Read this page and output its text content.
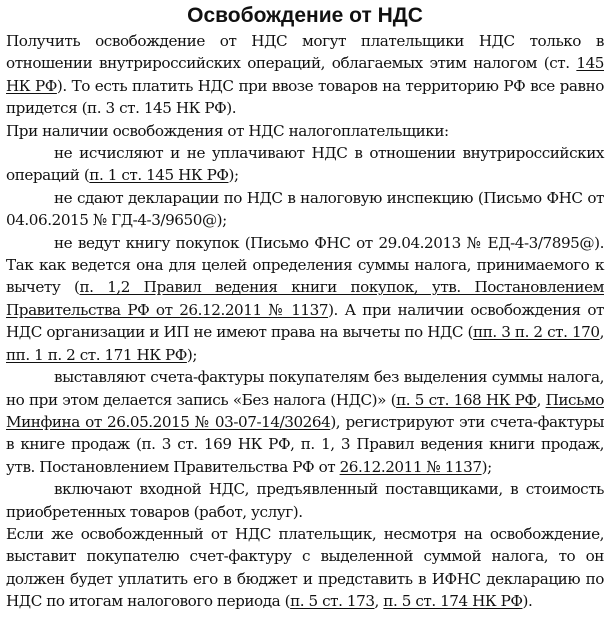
Освобождение от НДС

Получить освобождение от НДС могут плательщики НДС только в отношении внутрироссийских операций, облагаемых этим налогом (ст. 145 НК РФ). То есть платить НДС при ввозе товаров на территорию РФ все равно придется (п. 3 ст. 145 НК РФ).

При наличии освобождения от НДС налогоплательщики:

не исчисляют и не уплачивают НДС в отношении внутрироссийских операций (п. 1 ст. 145 НК РФ);

не сдают декларации по НДС в налоговую инспекцию (Письмо ФНС от 04.06.2015 № ГД-4-3/9650@);

не ведут книгу покупок (Письмо ФНС от 29.04.2013 № ЕД-4-3/7895@). Так как ведется она для целей определения суммы налога, принимаемого к вычету (п. 1,2 Правил ведения книги покупок, утв. Постановлением Правительства РФ от 26.12.2011 № 1137). А при наличии освобождения от НДС организации и ИП не имеют права на вычеты по НДС (пп. 3 п. 2 ст. 170, пп. 1 п. 2 ст. 171 НК РФ);

выставляют счета-фактуры покупателям без выделения суммы налога, но при этом делается запись «Без налога (НДС)» (п. 5 ст. 168 НК РФ, Письмо Минфина от 26.05.2015 № 03-07-14/30264), регистрируют эти счета-фактуры в книге продаж (п. 3 ст. 169 НК РФ, п. 1, 3 Правил ведения книги продаж, утв. Постановлением Правительства РФ от 26.12.2011 № 1137);

включают входной НДС, предъявленный поставщиками, в стоимость приобретенных товаров (работ, услуг).

Если же освобожденный от НДС плательщик, несмотря на освобождение, выставит покупателю счет-фактуру с выделенной суммой налога, то он должен будет уплатить его в бюджет и представить в ИФНС декларацию по НДС по итогам налогового периода (п. 5 ст. 173, п. 5 ст. 174 НК РФ).
